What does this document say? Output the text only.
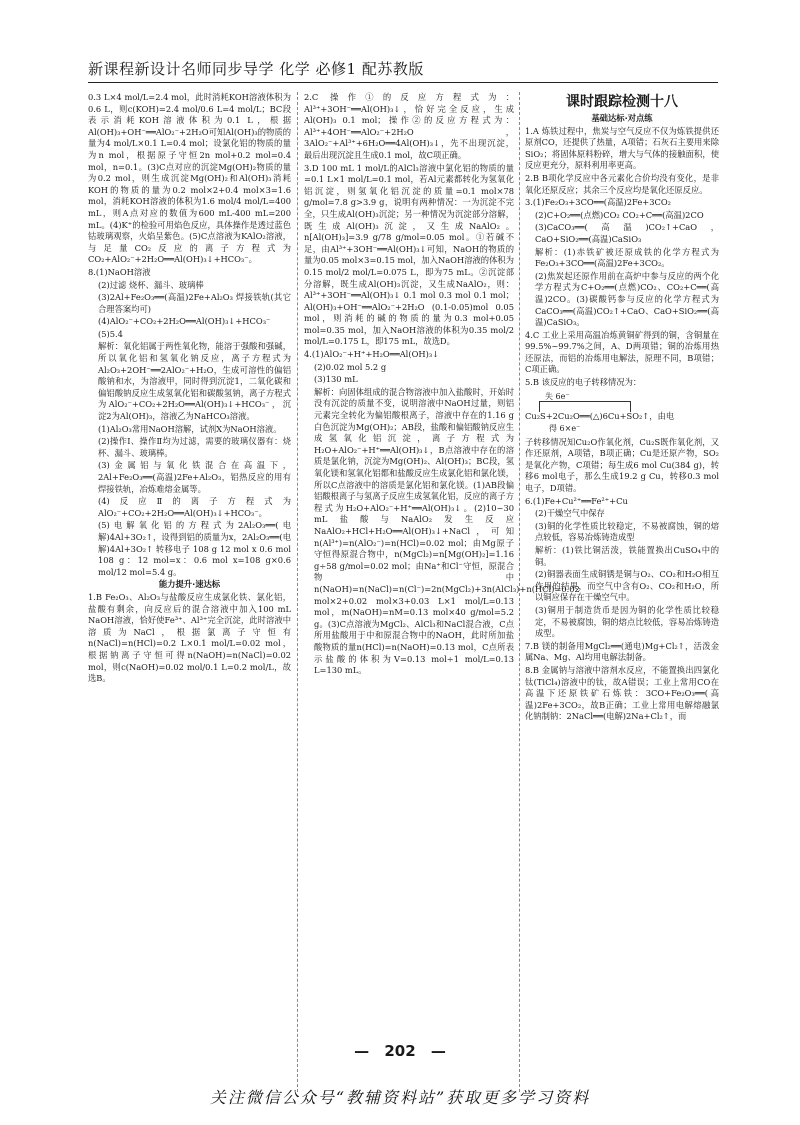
新课程新设计名师同步导学 化学 必修1 配苏教版

0.3 L×4 mol/L=2.4 mol，此时消耗KOH溶液体积为0.6 L，则c(KOH)=2.4 mol/0.6 L=4 mol/L；BC段表示消耗KOH溶液体积为0.1 L，根据Al(OH)₃+OH⁻══AlO₂⁻+2H₂O可知Al(OH)₃的物质的量为4 mol/L×0.1 L=0.4 mol；设氯化铝的物质的量为n mol，根据原子守恒2n mol+0.2 mol=0.4 mol，n=0.1。(3)C点对应的沉淀Mg(OH)₂物质的量为0.2 mol，则生成沉淀Mg(OH)₂和Al(OH)₃消耗KOH的物质的量为0.2 mol×2+0.4 mol×3=1.6 mol，消耗KOH溶液的体积为1.6 mol/4 mol/L=400 mL，则A点对应的数值为600 mL-400 mL=200 mL。(4)K⁺的检验可用焰色反应，具体操作是透过蓝色钴玻璃观察，火焰呈紫色。(5)C点溶液为KAlO₂溶液，与足量CO₂反应的离子方程式为CO₂+AlO₂⁻+2H₂O══Al(OH)₃↓+HCO₃⁻。

8.(1)NaOH溶液

(2)过滤 烧杯、漏斗、玻璃棒

(3)2Al+Fe₂O₃══(高温)2Fe+Al₂O₃ 焊接铁轨(其它合理答案均可)

(4)AlO₂⁻+CO₂+2H₂O══Al(OH)₃↓+HCO₃⁻

(5)5.4

解析：氧化铝属于两性氧化物，能溶于强酸和强碱，所以氧化铝和氢氧化钠反应，离子方程式为Al₂O₃+2OH⁻══2AlO₂⁻+H₂O，生成可溶性的偏铝酸钠和水，为溶液甲，同时得到沉淀1，二氧化碳和偏铝酸钠反应生成氢氧化铝和碳酸氢钠，离子方程式为AlO₂⁻+CO₂+2H₂O══Al(OH)₃↓+HCO₃⁻，沉淀2为Al(OH)₃，溶液乙为NaHCO₃溶液。

(1)Al₂O₃常用NaOH溶解，试剂X为NaOH溶液。

(2)操作Ⅰ、操作Ⅱ均为过滤，需要的玻璃仪器有：烧杯、漏斗、玻璃棒。

(3)金属铝与氧化铁混合在高温下，2Al+Fe₂O₃══(高温)2Fe+Al₂O₃，铝热反应的用有焊接铁轨，冶炼难熔金属等。

(4)反应Ⅱ的离子方程式为AlO₂⁻+CO₂+2H₂O══Al(OH)₃↓+HCO₃⁻。

(5)电解氧化铝的方程式为2Al₂O₃══(电解)4Al+3O₂↑，设得到铝的质量为x，2Al₂O₃══(电解)4Al+3O₂↑ 转移电子 108 g 12 mol x 0.6 mol 108 g：12 mol=x：0.6 mol x=108 g×0.6 mol/12 mol=5.4 g。

能力提升·速达标

1.B Fe₂O₃、Al₂O₃与盐酸反应生成氯化铁、氯化铝，盐酸有剩余，向反应后的混合溶液中加入100 mL NaOH溶液，恰好使Fe³⁺、Al³⁺完全沉淀，此时溶液中溶质为NaCl，根据氯离子守恒有n(NaCl)=n(HCl)=0.2 L×0.1 mol/L=0.02 mol，根据钠离子守恒可得n(NaOH)=n(NaCl)=0.02 mol，则c(NaOH)=0.02 mol/0.1 L=0.2 mol/L，故选B。

2.C 操作①的反应方程式为：Al³⁺+3OH⁻══Al(OH)₃↓，恰好完全反应，生成Al(OH)₃ 0.1 mol；操作②的反应方程式为：Al³⁺+4OH⁻══AlO₂⁻+2H₂O，3AlO₂⁻+Al³⁺+6H₂O══4Al(OH)₃↓，先不出现沉淀，最后出现沉淀且生成0.1 mol，故C项正确。

3.D 100 mL 1 mol/L的AlCl₃溶液中氯化铝的物质的量=0.1 L×1 mol/L=0.1 mol，若Al元素都转化为氢氧化铝沉淀，则氢氧化铝沉淀的质量=0.1 mol×78 g/mol=7.8 g>3.9 g，说明有两种情况：一为沉淀不完全，只生成Al(OH)₃沉淀；另一种情况为沉淀部分溶解，既生成Al(OH)₃沉淀，又生成NaAlO₂。n[Al(OH)₃]=3.9 g/78 g/mol=0.05 mol。①若碱不足，由Al³⁺+3OH⁻══Al(OH)₃↓可知，NaOH的物质的量为0.05 mol×3=0.15 mol，加入NaOH溶液的体积为0.15 mol/2 mol/L=0.075 L，即为75 mL。②沉淀部分溶解，既生成Al(OH)₃沉淀，又生成NaAlO₂，则：Al³⁺+3OH⁻══Al(OH)₃↓ 0.1 mol 0.3 mol 0.1 mol；Al(OH)₃+OH⁻══AlO₂⁻+2H₂O (0.1-0.05)mol 0.05 mol，则消耗的碱的物质的量为0.3 mol+0.05 mol=0.35 mol，加入NaOH溶液的体积为0.35 mol/2 mol/L=0.175 L，即175 mL，故选D。

4.(1)AlO₂⁻+H⁺+H₂O══Al(OH)₃↓

(2)0.02 mol 5.2 g

(3)130 mL

解析：向固体组成的混合物溶液中加入盐酸时，开始时没有沉淀的质量不变，说明溶液中NaOH过量，则铝元素完全转化为偏铝酸根离子，溶液中存在的1.16 g白色沉淀为Mg(OH)₂；AB段，盐酸和偏铝酸钠反应生成氢氧化铝沉淀，离子方程式为H₂O+AlO₂⁻+H⁺══Al(OH)₃↓，B点溶液中存在的溶质是氯化钠，沉淀为Mg(OH)₂、Al(OH)₃；BC段，氢氧化镁和氢氧化铝都和盐酸反应生成氯化铝和氯化镁，所以C点溶液中的溶质是氯化铝和氯化镁。(1)AB段偏铝酸根离子与氢离子反应生成氢氧化铝，反应的离子方程式为H₂O+AlO₂⁻+H⁺══Al(OH)₃↓。(2)10~30 mL盐酸与NaAlO₂发生反应NaAlO₂+HCl+H₂O══Al(OH)₃↓+NaCl，可知n(Al³⁺)=n(AlO₂⁻)=n(HCl)=0.02 mol；由Mg原子守恒得原混合物中，n(MgCl₂)=n[Mg(OH)₂]=1.16 g÷58 g/mol=0.02 mol；由Na⁺和Cl⁻守恒，原混合物中n(NaOH)=n(NaCl)=n(Cl⁻)=2n(MgCl₂)+3n(AlCl₃)+n(HCl)=0.02 mol×2+0.02 mol×3+0.03 L×1 mol/L=0.13 mol，m(NaOH)=nM=0.13 mol×40 g/mol=5.2 g。(3)C点溶液为MgCl₂、AlCl₃和NaCl混合液，C点所用盐酸用于中和原混合物中的NaOH，此时所加盐酸物质的量n(HCl)=n(NaOH)=0.13 mol，C点所表示盐酸的体积为V=0.13 mol÷1 mol/L=0.13 L=130 mL。

课时跟踪检测十八

基础达标·对点练

1.A 炼铁过程中，焦炭与空气反应不仅为炼铁提供还原剂CO，还提供了热量，A项错；石灰石主要用来除SiO₂；将固体原料粉碎，增大与气体的接触面积，使反应更充分，原料利用率更高。

2.B B项化学反应中各元素化合价均没有变化，是非氧化还原反应；其余三个反应均是氧化还原反应。

3.(1)Fe₂O₃+3CO══(高温)2Fe+3CO₂

(2)C+O₂══(点燃)CO₂ CO₂+C══(高温)2CO

(3)CaCO₃══(高温)CO₂↑+CaO，CaO+SiO₂══(高温)CaSiO₃

解析：(1)赤铁矿被还原成铁的化学方程式为Fe₂O₃+3CO══(高温)2Fe+3CO₂。

(2)焦炭起还原作用前在高炉中参与反应的两个化学方程式为C+O₂══(点燃)CO₂、CO₂+C══(高温)2CO。(3)碳酸钙参与反应的化学方程式为CaCO₃══(高温)CO₂↑+CaO、CaO+SiO₂══(高温)CaSiO₃。

4.C 工业上采用高温冶炼黄铜矿得到的铜，含铜量在99.5%~99.7%之间，A、D两项错；铜的冶炼用热还原法，而铝的冶炼用电解法，原理不同，B项错；C项正确。

5.B 该反应的电子转移情况为：

失 6e⁻
Cu₂S+2Cu₂O══(△)6Cu+SO₂↑，由电
得 6×e⁻

子转移情况知Cu₂O作氧化剂，Cu₂S既作氧化剂，又作还原剂，A项错，B项正确；Cu是还原产物，SO₂是氧化产物，C项错；每生成6 mol Cu(384 g)，转移6 mol电子，那么生成19.2 g Cu，转移0.3 mol电子，D项错。

6.(1)Fe+Cu²⁺══Fe²⁺+Cu

(2)干燥空气中保存

(3)铜的化学性质比较稳定，不易被腐蚀，铜的熔点较低，容易冶炼铸造成型

解析：(1)铁比铜活泼，铁能置换出CuSO₄中的铜。

(2)铜器表面生成铜锈是铜与O₂、CO₂和H₂O相互作用的结果，而空气中含有O₂、CO₂和H₂O，所以铜应保存在干燥空气中。

(3)铜用于制造货币是因为铜的化学性质比较稳定，不易被腐蚀，铜的熔点比较低，容易冶炼铸造成型。

7.B 镁的制备用MgCl₂══(通电)Mg+Cl₂↑，活泼金属Na、Mg、Al均用电解法制备。

8.B 金属钠与溶液中溶剂水反应，不能置换出四氯化钛(TiCl₄)溶液中的钛，故A错误；工业上常用CO在高温下还原铁矿石炼铁：3CO+Fe₂O₃══(高温)2Fe+3CO₂，故B正确；工业上常用电解熔融氯化钠制钠：2NaCl══(电解)2Na+Cl₂↑，而

— 202 —
关注微信公众号“教辅资料站”获取更多学习资料
